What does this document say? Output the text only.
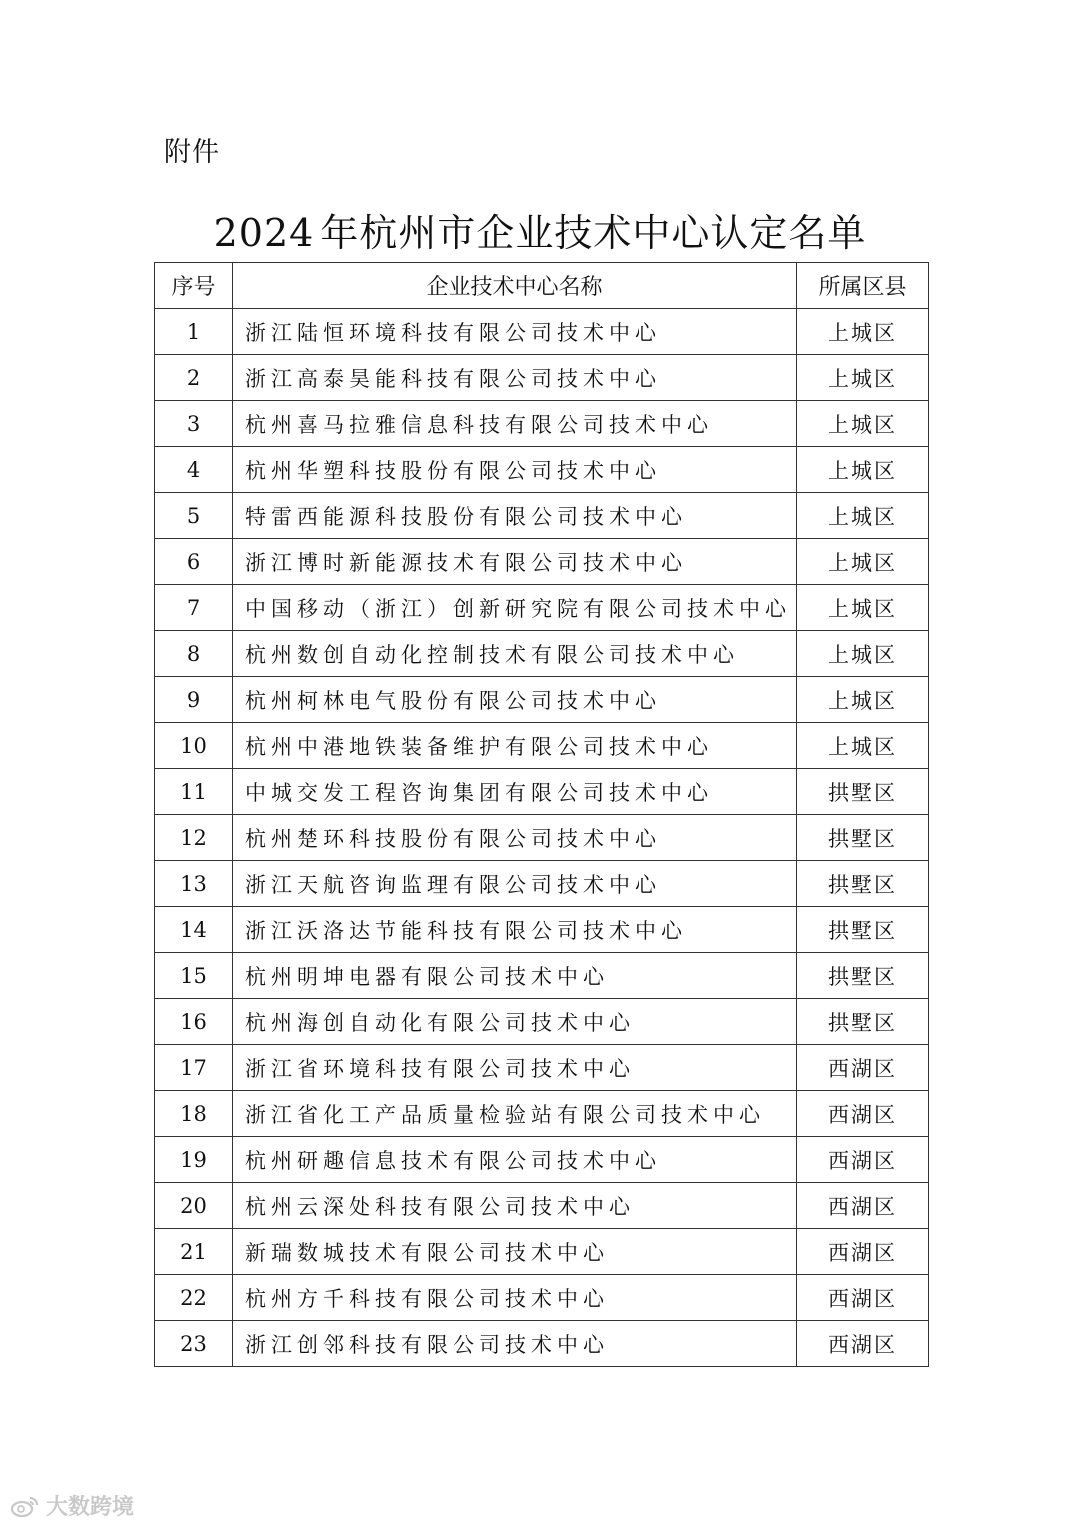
附件
2024 年杭州市企业技术中心认定名单
序号	企业技术中心名称	所属区县
1	浙江陆恒环境科技有限公司技术中心	上城区
2	浙江高泰昊能科技有限公司技术中心	上城区
3	杭州喜马拉雅信息科技有限公司技术中心	上城区
4	杭州华塑科技股份有限公司技术中心	上城区
5	特雷西能源科技股份有限公司技术中心	上城区
6	浙江博时新能源技术有限公司技术中心	上城区
7	中国移动（浙江）创新研究院有限公司技术中心	上城区
8	杭州数创自动化控制技术有限公司技术中心	上城区
9	杭州柯林电气股份有限公司技术中心	上城区
10	杭州中港地铁装备维护有限公司技术中心	上城区
11	中城交发工程咨询集团有限公司技术中心	拱墅区
12	杭州楚环科技股份有限公司技术中心	拱墅区
13	浙江天航咨询监理有限公司技术中心	拱墅区
14	浙江沃洛达节能科技有限公司技术中心	拱墅区
15	杭州明坤电器有限公司技术中心	拱墅区
16	杭州海创自动化有限公司技术中心	拱墅区
17	浙江省环境科技有限公司技术中心	西湖区
18	浙江省化工产品质量检验站有限公司技术中心	西湖区
19	杭州研趣信息技术有限公司技术中心	西湖区
20	杭州云深处科技有限公司技术中心	西湖区
21	新瑞数城技术有限公司技术中心	西湖区
22	杭州方千科技有限公司技术中心	西湖区
23	浙江创邻科技有限公司技术中心	西湖区
大数跨境
